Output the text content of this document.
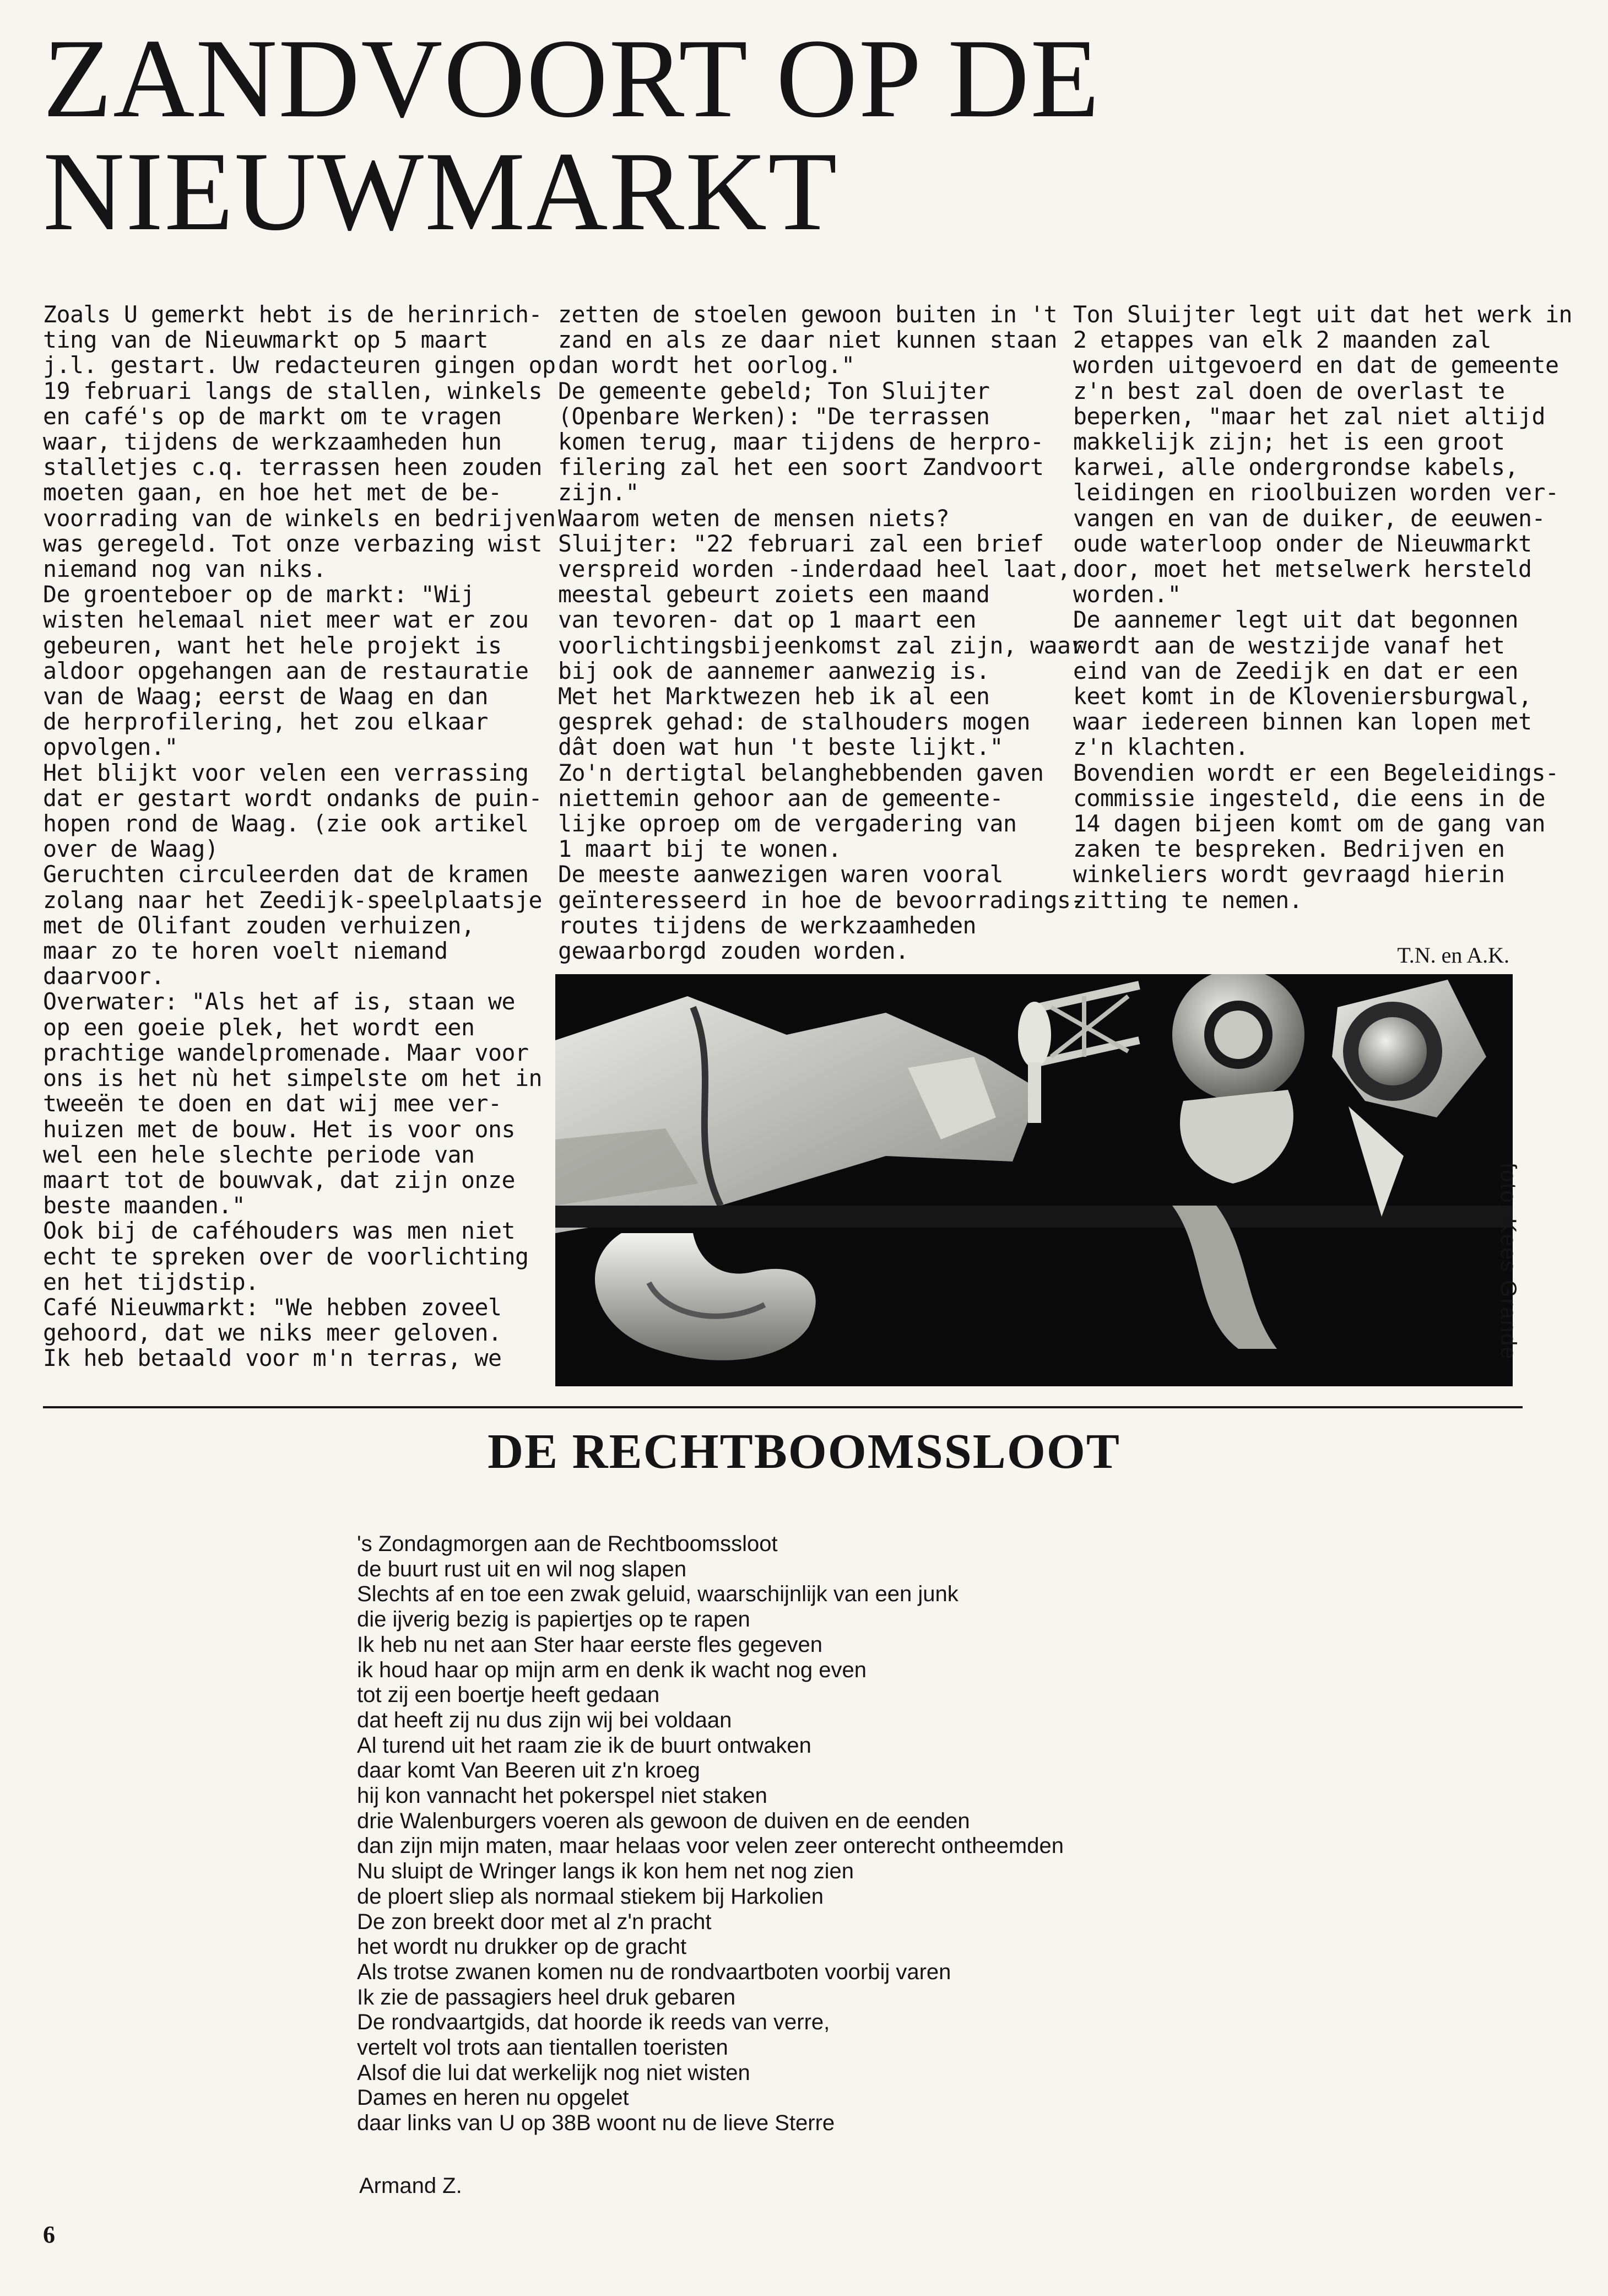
ZANDVOORT OP DE
NIEUWMARKT

Zoals U gemerkt hebt is de herinrich-
ting van de Nieuwmarkt op 5 maart
j.l. gestart. Uw redacteuren gingen op
19 februari langs de stallen, winkels
en café's op de markt om te vragen
waar, tijdens de werkzaamheden hun
stalletjes c.q. terrassen heen zouden
moeten gaan, en hoe het met de be-
voorrading van de winkels en bedrijven
was geregeld. Tot onze verbazing wist
niemand nog van niks.
De groenteboer op de markt: "Wij
wisten helemaal niet meer wat er zou
gebeuren, want het hele projekt is
aldoor opgehangen aan de restauratie
van de Waag; eerst de Waag en dan
de herprofilering, het zou elkaar
opvolgen."
Het blijkt voor velen een verrassing
dat er gestart wordt ondanks de puin-
hopen rond de Waag. (zie ook artikel
over de Waag)
Geruchten circuleerden dat de kramen
zolang naar het Zeedijk-speelplaatsje
met de Olifant zouden verhuizen,
maar zo te horen voelt niemand
daarvoor.
Overwater: "Als het af is, staan we
op een goeie plek, het wordt een
prachtige wandelpromenade. Maar voor
ons is het nù het simpelste om het in
tweeën te doen en dat wij mee ver-
huizen met de bouw. Het is voor ons
wel een hele slechte periode van
maart tot de bouwvak, dat zijn onze
beste maanden."
Ook bij de caféhouders was men niet
echt te spreken over de voorlichting
en het tijdstip.
Café Nieuwmarkt: "We hebben zoveel
gehoord, dat we niks meer geloven.
Ik heb betaald voor m'n terras, we

zetten de stoelen gewoon buiten in 't
zand en als ze daar niet kunnen staan
dan wordt het oorlog."
De gemeente gebeld; Ton Sluijter
(Openbare Werken): "De terrassen
komen terug, maar tijdens de herpro-
filering zal het een soort Zandvoort
zijn."
Waarom weten de mensen niets?
Sluijter: "22 februari zal een brief
verspreid worden -inderdaad heel laat,
meestal gebeurt zoiets een maand
van tevoren- dat op 1 maart een
voorlichtingsbijeenkomst zal zijn, waar-
bij ook de aannemer aanwezig is.
Met het Marktwezen heb ik al een
gesprek gehad: de stalhouders mogen
dât doen wat hun 't beste lijkt."
Zo'n dertigtal belanghebbenden gaven
niettemin gehoor aan de gemeente-
lijke oproep om de vergadering van
1 maart bij te wonen.
De meeste aanwezigen waren vooral
geïnteresseerd in hoe de bevoorradings-
routes tijdens de werkzaamheden
gewaarborgd zouden worden.

Ton Sluijter legt uit dat het werk in
2 etappes van elk 2 maanden zal
worden uitgevoerd en dat de gemeente
z'n best zal doen de overlast te
beperken, "maar het zal niet altijd
makkelijk zijn; het is een groot
karwei, alle ondergrondse kabels,
leidingen en rioolbuizen worden ver-
vangen en van de duiker, de eeuwen-
oude waterloop onder de Nieuwmarkt
door, moet het metselwerk hersteld
worden."
De aannemer legt uit dat begonnen
wordt aan de westzijde vanaf het
eind van de Zeedijk en dat er een
keet komt in de Kloveniersburgwal,
waar iedereen binnen kan lopen met
z'n klachten.
Bovendien wordt er een Begeleidings-
commissie ingesteld, die eens in de
14 dagen bijeen komt om de gang van
zaken te bespreken. Bedrijven en
winkeliers wordt gevraagd hierin
zitting te nemen.

T.N. en A.K.
foto: Kees Grande
DE RECHTBOOMSSLOOT

's Zondagmorgen aan de Rechtboomssloot
de buurt rust uit en wil nog slapen
Slechts af en toe een zwak geluid, waarschijnlijk van een junk
die ijverig bezig is papiertjes op te rapen
Ik heb nu net aan Ster haar eerste fles gegeven
ik houd haar op mijn arm en denk ik wacht nog even
tot zij een boertje heeft gedaan
dat heeft zij nu dus zijn wij bei voldaan
Al turend uit het raam zie ik de buurt ontwaken
daar komt Van Beeren uit z'n kroeg
hij kon vannacht het pokerspel niet staken
drie Walenburgers voeren als gewoon de duiven en de eenden
dan zijn mijn maten, maar helaas voor velen zeer onterecht ontheemden
Nu sluipt de Wringer langs ik kon hem net nog zien
de ploert sliep als normaal stiekem bij Harkolien
De zon breekt door met al z'n pracht
het wordt nu drukker op de gracht
Als trotse zwanen komen nu de rondvaartboten voorbij varen
Ik zie de passagiers heel druk gebaren
De rondvaartgids, dat hoorde ik reeds van verre,
vertelt vol trots aan tientallen toeristen
Alsof die lui dat werkelijk nog niet wisten
Dames en heren nu opgelet
daar links van U op 38B woont nu de lieve Sterre

Armand Z.
6
